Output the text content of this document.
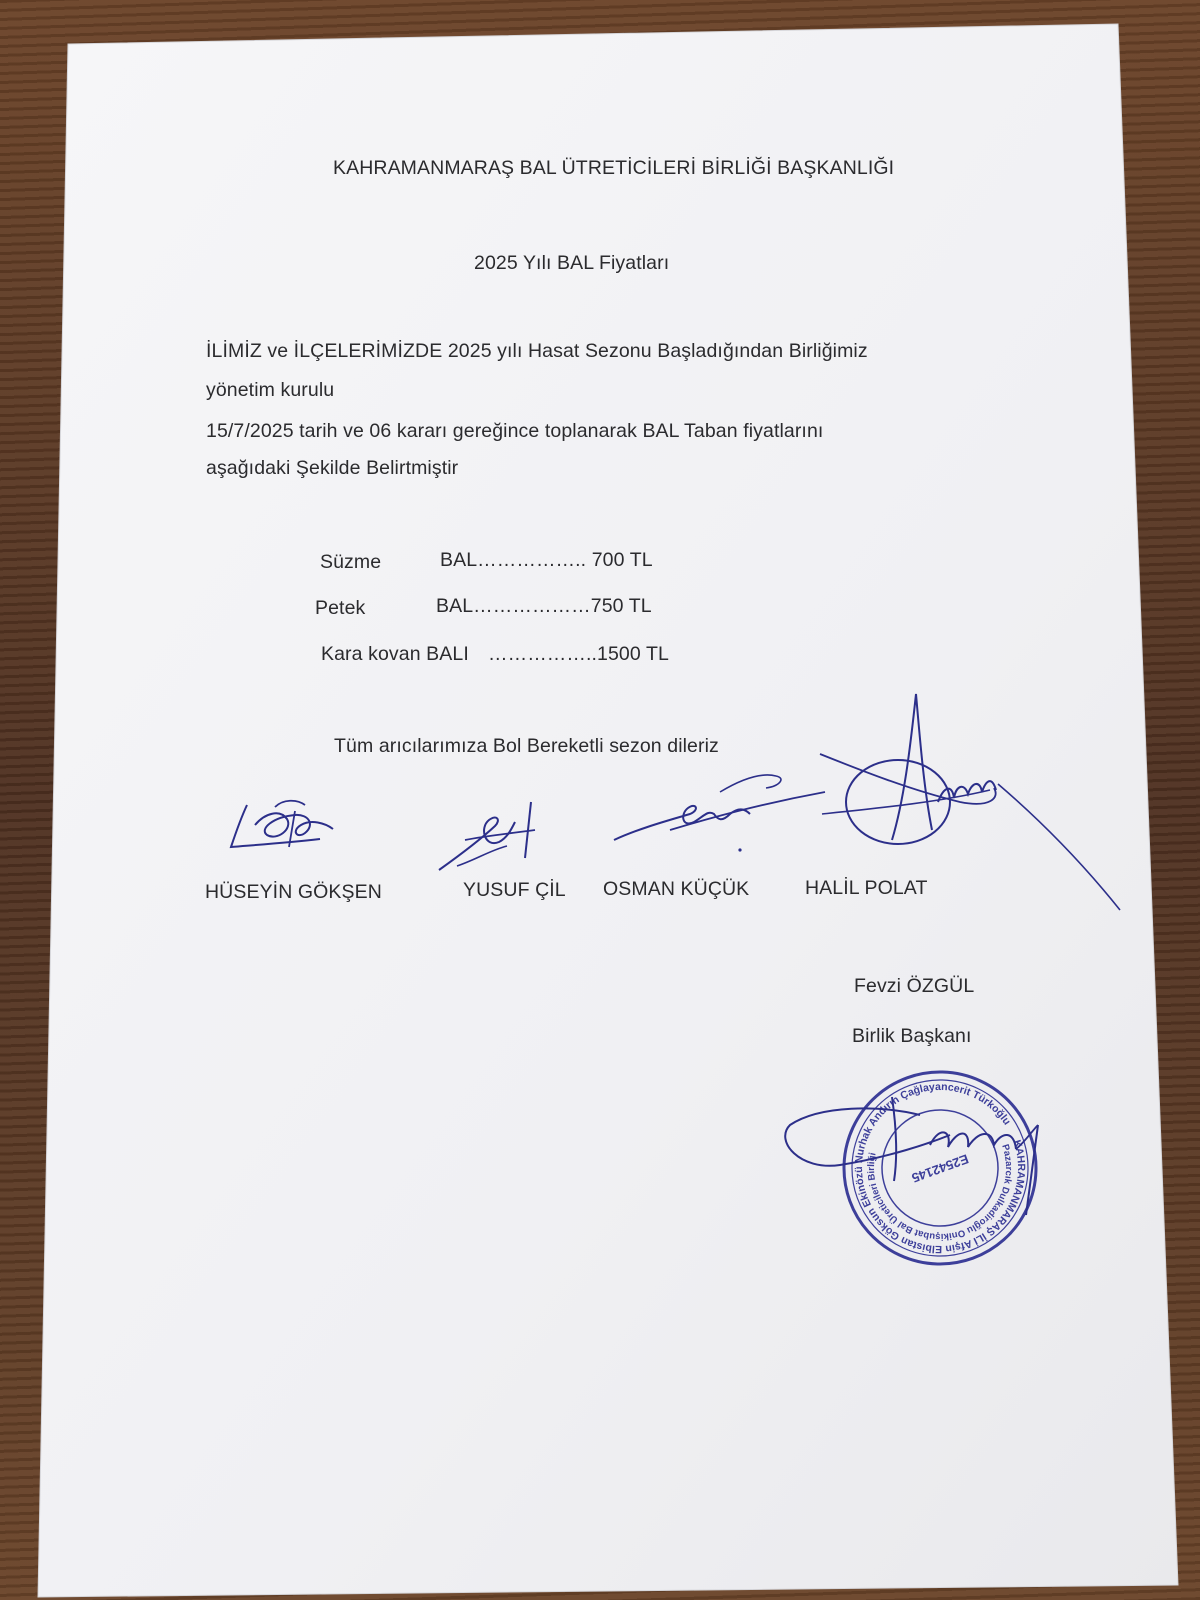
KAHRAMANMARAŞ BAL ÜTRETİCİLERİ BİRLİĞİ BAŞKANLIĞI
2025 Yılı BAL Fiyatları
İLİMİZ ve İLÇELERİMİZDE 2025 yılı Hasat Sezonu Başladığından Birliğimiz
yönetim kurulu
15/7/2025 tarih ve 06 kararı gereğince toplanarak BAL Taban fiyatlarını
aşağıdaki Şekilde Belirtmiştir
Süzme	BAL…………….. 700 TL
Petek	BAL………………750 TL
Kara kovan BALI ……………..1500 TL
Tüm arıcılarımıza Bol Bereketli sezon dileriz
HÜSEYİN GÖKŞEN	YUSUF ÇİL OSMAN KÜÇÜK	HALİL POLAT
Fevzi ÖZGÜL
Birlik Başkanı
KAHRAMANMARAŞ İLİ Afşin Elbistan Göksun Ekinözü Nurhak Andırın Çağlayancerit Türkoğlu
Pazarcık Dulkadiroğlu Onikişubat Bal Üreticileri Birliği	E2542145
